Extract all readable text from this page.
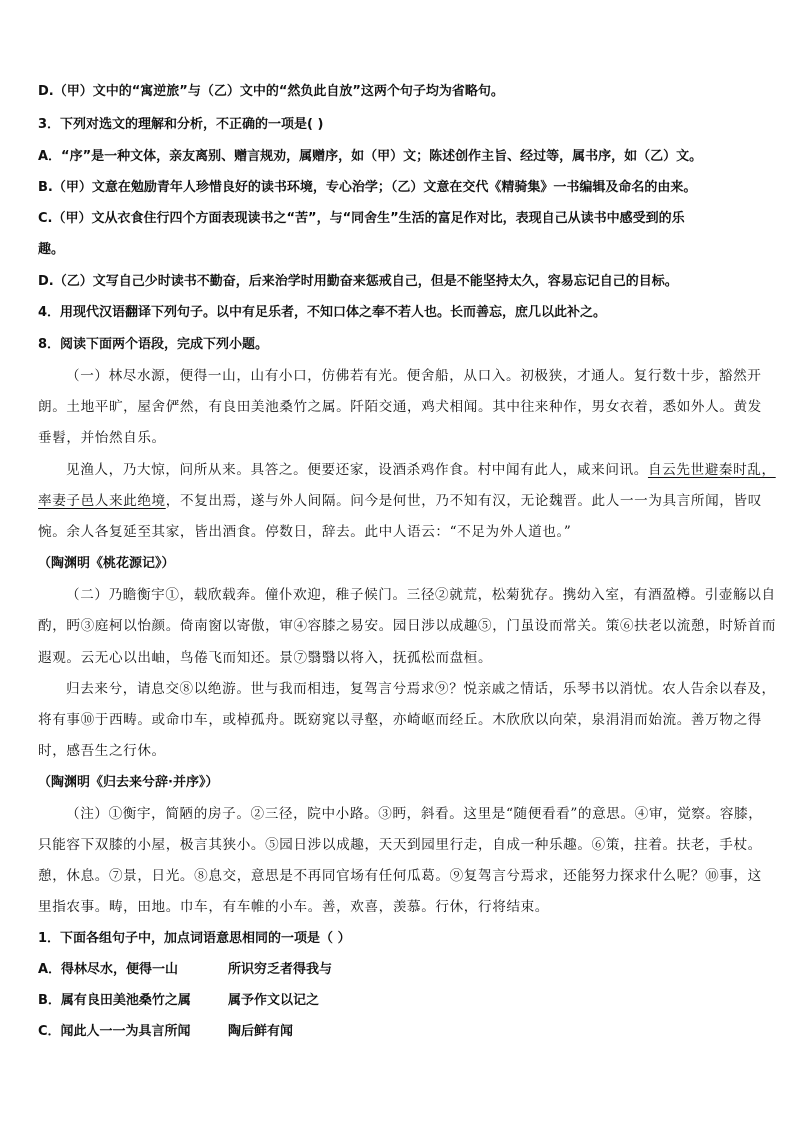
D.（甲）文中的“寓逆旅”与（乙）文中的“然负此自放”这两个句子均为省略句。
3．下列对选文的理解和分析，不正确的一项是( )
A．“序”是一种文体，亲友离别、赠言规劝，属赠序，如（甲）文；陈述创作主旨、经过等，属书序，如（乙）文。
B.（甲）文意在勉励青年人珍惜良好的读书环境，专心治学；（乙）文意在交代《精骑集》一书编辑及命名的由来。
C.（甲）文从衣食住行四个方面表现读书之“苦”，与“同舍生”生活的富足作对比，表现自己从读书中感受到的乐
趣。
D.（乙）文写自己少时读书不勤奋，后来治学时用勤奋来惩戒自己，但是不能坚持太久，容易忘记自己的目标。
4．用现代汉语翻译下列句子。以中有足乐者，不知口体之奉不若人也。长而善忘，庶几以此补之。
8．阅读下面两个语段，完成下列小题。
（一）林尽水源，便得一山，山有小口，仿佛若有光。便舍船，从口入。初极狭，才通人。复行数十步，豁然开
朗。土地平旷，屋舍俨然，有良田美池桑竹之属。阡陌交通，鸡犬相闻。其中往来种作，男女衣着，悉如外人。黄发
垂髫，并怡然自乐。
见渔人，乃大惊，问所从来。具答之。便要还家，设酒杀鸡作食。村中闻有此人，咸来问讯。自云先世避秦时乱，
率妻子邑人来此绝境，不复出焉，遂与外人间隔。问今是何世，乃不知有汉，无论魏晋。此人一一为具言所闻，皆叹
惋。余人各复延至其家，皆出酒食。停数日，辞去。此中人语云：“不足为外人道也。”
（陶渊明《桃花源记》）
（二）乃瞻衡宇①，载欣载奔。僮仆欢迎，稚子候门。三径②就荒，松菊犹存。携幼入室，有酒盈樽。引壶觞以自
酌，眄③庭柯以怡颜。倚南窗以寄傲，审④容膝之易安。园日涉以成趣⑤，门虽设而常关。策⑥扶老以流憩，时矫首而
遐观。云无心以出岫，鸟倦飞而知还。景⑦翳翳以将入，抚孤松而盘桓。
归去来兮，请息交⑧以绝游。世与我而相违，复驾言兮焉求⑨？悦亲戚之情话，乐琴书以消忧。农人告余以春及，
将有事⑩于西畴。或命巾车，或棹孤舟。既窈窕以寻壑，亦崎岖而经丘。木欣欣以向荣，泉涓涓而始流。善万物之得
时，感吾生之行休。
（陶渊明《归去来兮辞·并序》）
（注）①衡宇，简陋的房子。②三径，院中小路。③眄，斜看。这里是“随便看看”的意思。④审，觉察。容膝，
只能容下双膝的小屋，极言其狭小。⑤园日涉以成趣，天天到园里行走，自成一种乐趣。⑥策，拄着。扶老，手杖。
憩，休息。⑦景，日光。⑧息交，意思是不再同官场有任何瓜葛。⑨复驾言兮焉求，还能努力探求什么呢？⑩事，这
里指农事。畴，田地。巾车，有车帷的小车。善，欢喜，羡慕。行休，行将结束。
1．下面各组句子中，加点词语意思相同的一项是（ ）
A．得林尽水，便得一山	所识穷乏者得我与
B．属有良田美池桑竹之属	属予作文以记之
C．闻此人一一为具言所闻	陶后鲜有闻
